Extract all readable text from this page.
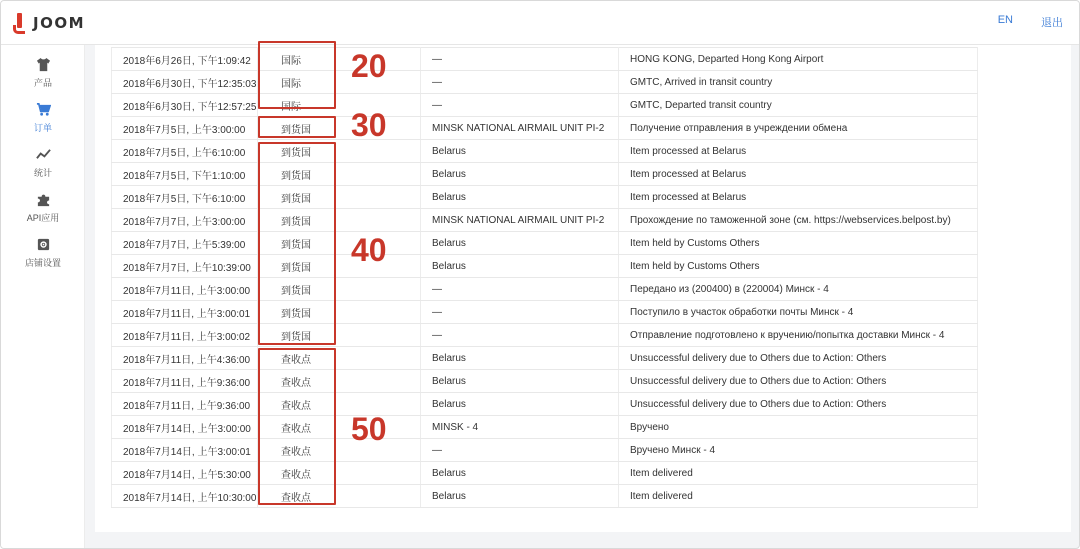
JOOM	EN	退出
产品
订单
统计
API应用
店铺设置
2018年6月26日, 下午1:09:42	国际	—	HONG KONG, Departed Hong Kong Airport
2018年6月30日, 下午12:35:03	国际	—	GMTC, Arrived in transit country
2018年6月30日, 下午12:57:25	国际	—	GMTC, Departed transit country
2018年7月5日, 上午3:00:00	到货国	MINSK NATIONAL AIRMAIL UNIT PI-2	Получение отправления в учреждении обмена
2018年7月5日, 上午6:10:00	到货国	Belarus	Item processed at Belarus
2018年7月5日, 下午1:10:00	到货国	Belarus	Item processed at Belarus
2018年7月5日, 下午6:10:00	到货国	Belarus	Item processed at Belarus
2018年7月7日, 上午3:00:00	到货国	MINSK NATIONAL AIRMAIL UNIT PI-2	Прохождение по таможенной зоне (см. https://webservices.belpost.by)
2018年7月7日, 上午5:39:00	到货国	Belarus	Item held by Customs Others
2018年7月7日, 上午10:39:00	到货国	Belarus	Item held by Customs Others
2018年7月11日, 上午3:00:00	到货国	—	Передано из (200400) в (220004) Минск - 4
2018年7月11日, 上午3:00:01	到货国	—	Поступило в участок обработки почты Минск - 4
2018年7月11日, 上午3:00:02	到货国	—	Отправление подготовлено к вручению/попытка доставки Минск - 4
2018年7月11日, 上午4:36:00	查收点	Belarus	Unsuccessful delivery due to Others due to Action: Others
2018年7月11日, 上午9:36:00	查收点	Belarus	Unsuccessful delivery due to Others due to Action: Others
2018年7月11日, 上午9:36:00	查收点	Belarus	Unsuccessful delivery due to Others due to Action: Others
2018年7月14日, 上午3:00:00	查收点	MINSK - 4	Вручено
2018年7月14日, 上午3:00:01	查收点	—	Вручено Минск - 4
2018年7月14日, 上午5:30:00	查收点	Belarus	Item delivered
2018年7月14日, 上午10:30:00	查收点	Belarus	Item delivered
20
30
40
50
